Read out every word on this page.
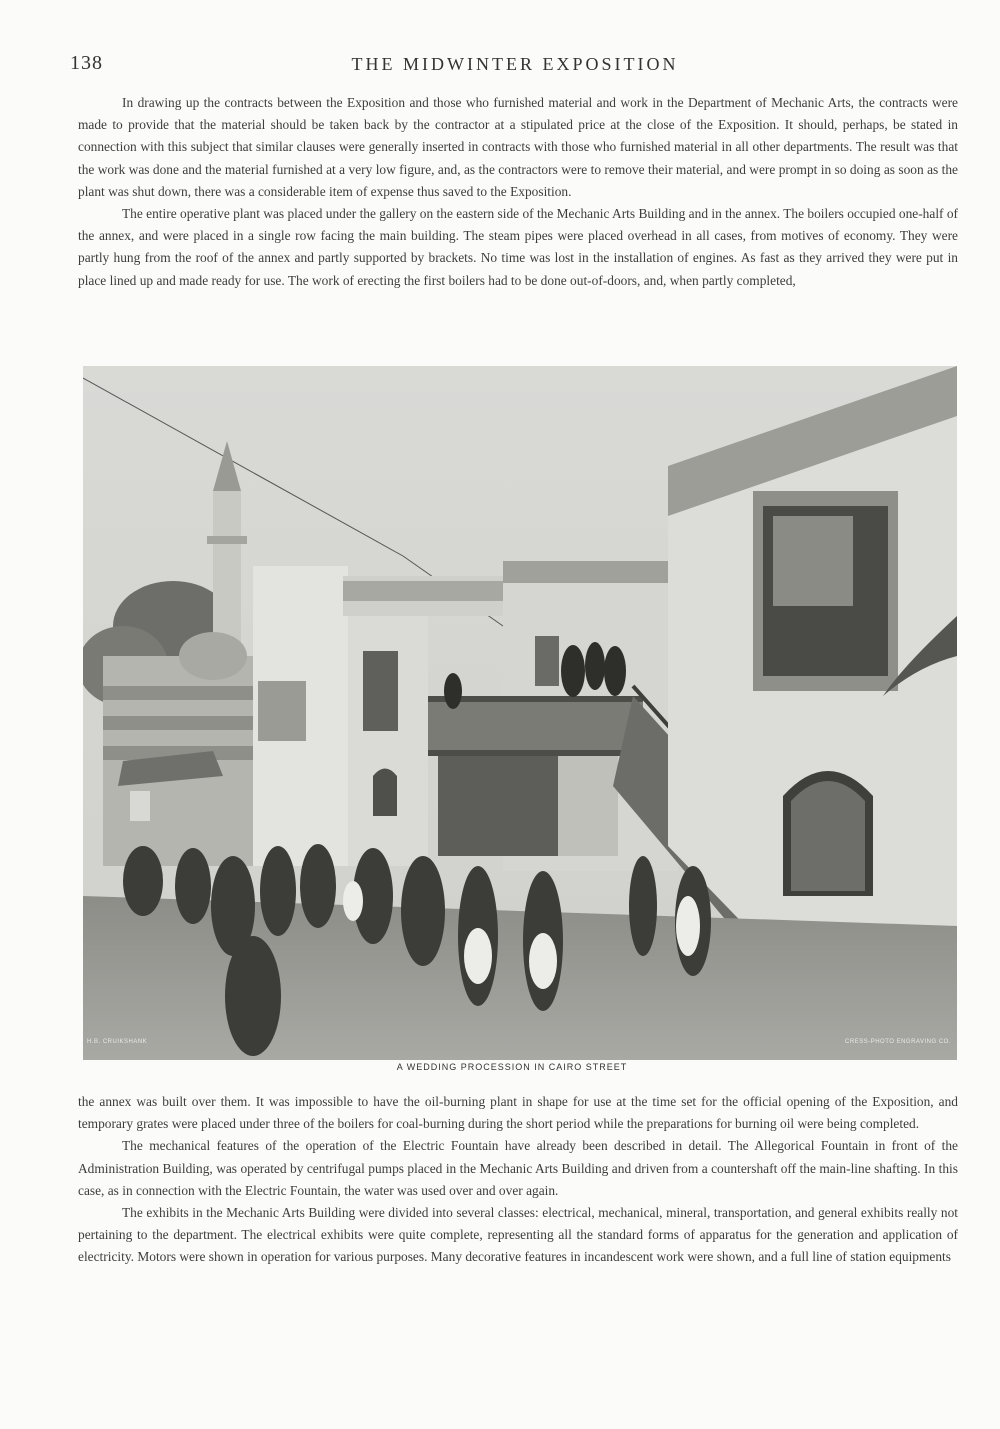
138	THE MIDWINTER EXPOSITION

In drawing up the contracts between the Exposition and those who furnished material and work in the Department of Mechanic Arts, the contracts were made to provide that the material should be taken back by the contractor at a stipulated price at the close of the Exposition. It should, perhaps, be stated in connection with this subject that similar clauses were generally inserted in contracts with those who furnished material in all other departments. The result was that the work was done and the material furnished at a very low figure, and, as the contractors were to remove their material, and were prompt in so doing as soon as the plant was shut down, there was a considerable item of expense thus saved to the Exposition.

The entire operative plant was placed under the gallery on the eastern side of the Mechanic Arts Building and in the annex. The boilers occupied one-half of the annex, and were placed in a single row facing the main building. The steam pipes were placed overhead in all cases, from motives of economy. They were partly hung from the roof of the annex and partly supported by brackets. No time was lost in the installation of engines. As fast as they arrived they were put in place lined up and made ready for use. The work of erecting the first boilers had to be done out-of-doors, and, when partly completed,

H.B. CRUIKSHANK	CRESS-PHOTO ENGRAVING CO.
A WEDDING PROCESSION IN CAIRO STREET

the annex was built over them. It was impossible to have the oil-burning plant in shape for use at the time set for the official opening of the Exposition, and temporary grates were placed under three of the boilers for coal-burning during the short period while the preparations for burning oil were being completed.

The mechanical features of the operation of the Electric Fountain have already been described in detail. The Allegorical Fountain in front of the Administration Building, was operated by centrifugal pumps placed in the Mechanic Arts Building and driven from a countershaft off the main-line shafting. In this case, as in connection with the Electric Fountain, the water was used over and over again.

The exhibits in the Mechanic Arts Building were divided into several classes: electrical, mechanical, mineral, transportation, and general exhibits really not pertaining to the department. The electrical exhibits were quite complete, representing all the standard forms of apparatus for the generation and application of electricity. Motors were shown in operation for various purposes. Many decorative features in incandescent work were shown, and a full line of station equipments
